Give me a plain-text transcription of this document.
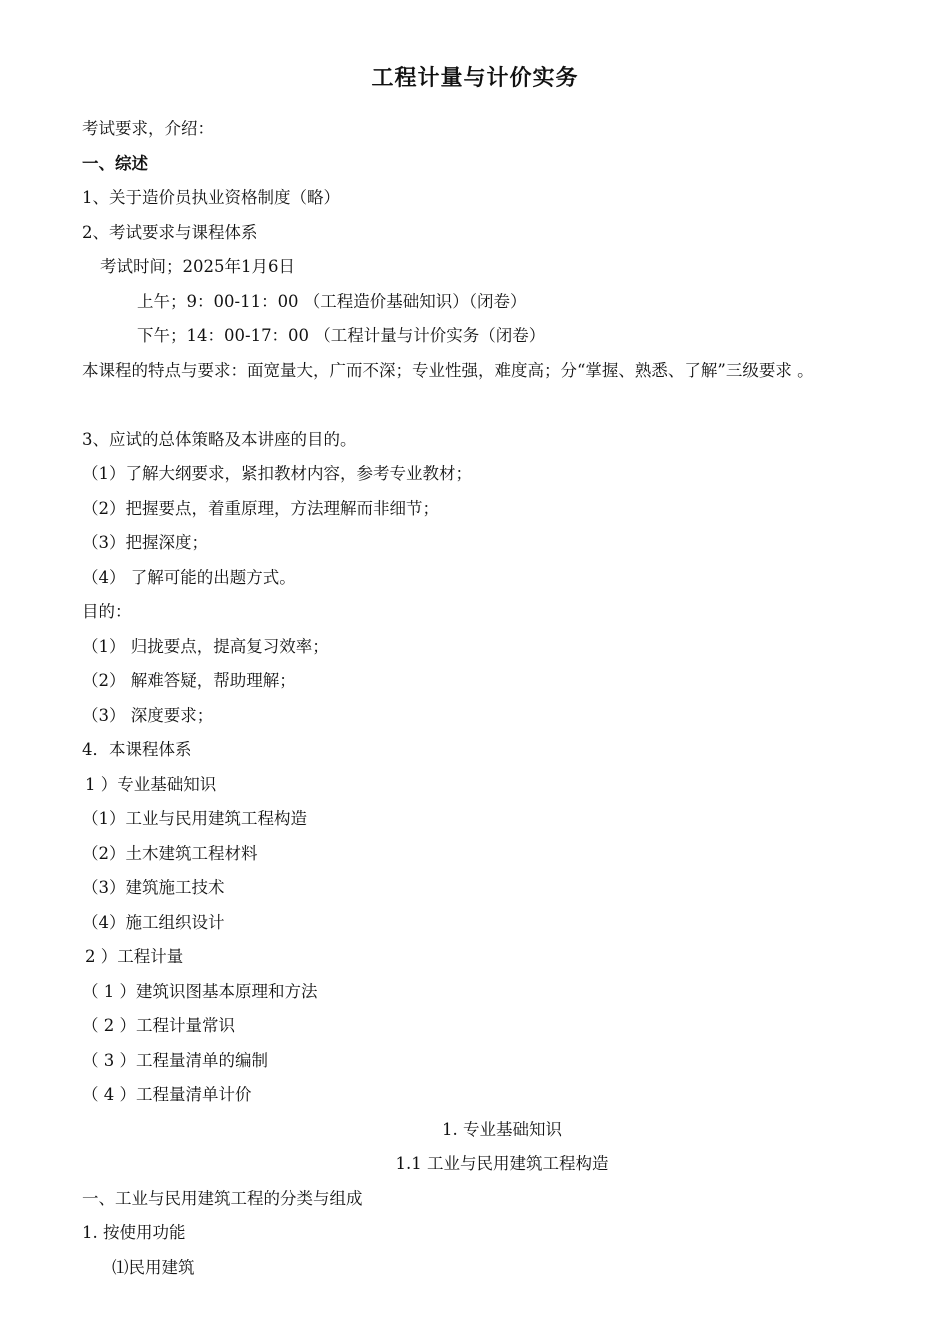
工程计量与计价实务
考试要求，介绍：
一、综述
1、关于造价员执业资格制度（略）
2、考试要求与课程体系
考试时间；2025年1月6日
上午；9：00-11：00 （工程造价基础知识）（闭卷）
下午；14：00-17：00 （工程计量与计价实务（闭卷）
本课程的特点与要求：面宽量大，广而不深；专业性强，难度高；分“掌握、熟悉、了解”三级要求 。
3、应试的总体策略及本讲座的目的。
（1）了解大纲要求，紧扣教材内容，参考专业教材；
（2）把握要点，着重原理，方法理解而非细节；
（3）把握深度；
（4） 了解可能的出题方式。
目的：
（1） 归拢要点，提高复习效率；
（2） 解难答疑，帮助理解；
（3） 深度要求；
4．本课程体系
1 ）专业基础知识
（1）工业与民用建筑工程构造
（2）土木建筑工程材料
（3）建筑施工技术
（4）施工组织设计
2 ）工程计量
（ 1 ）建筑识图基本原理和方法
（ 2 ）工程计量常识
（ 3 ）工程量清单的编制
（ 4 ）工程量清单计价
1. 专业基础知识
1.1 工业与民用建筑工程构造
一、工业与民用建筑工程的分类与组成
1. 按使用功能
⑴民用建筑
